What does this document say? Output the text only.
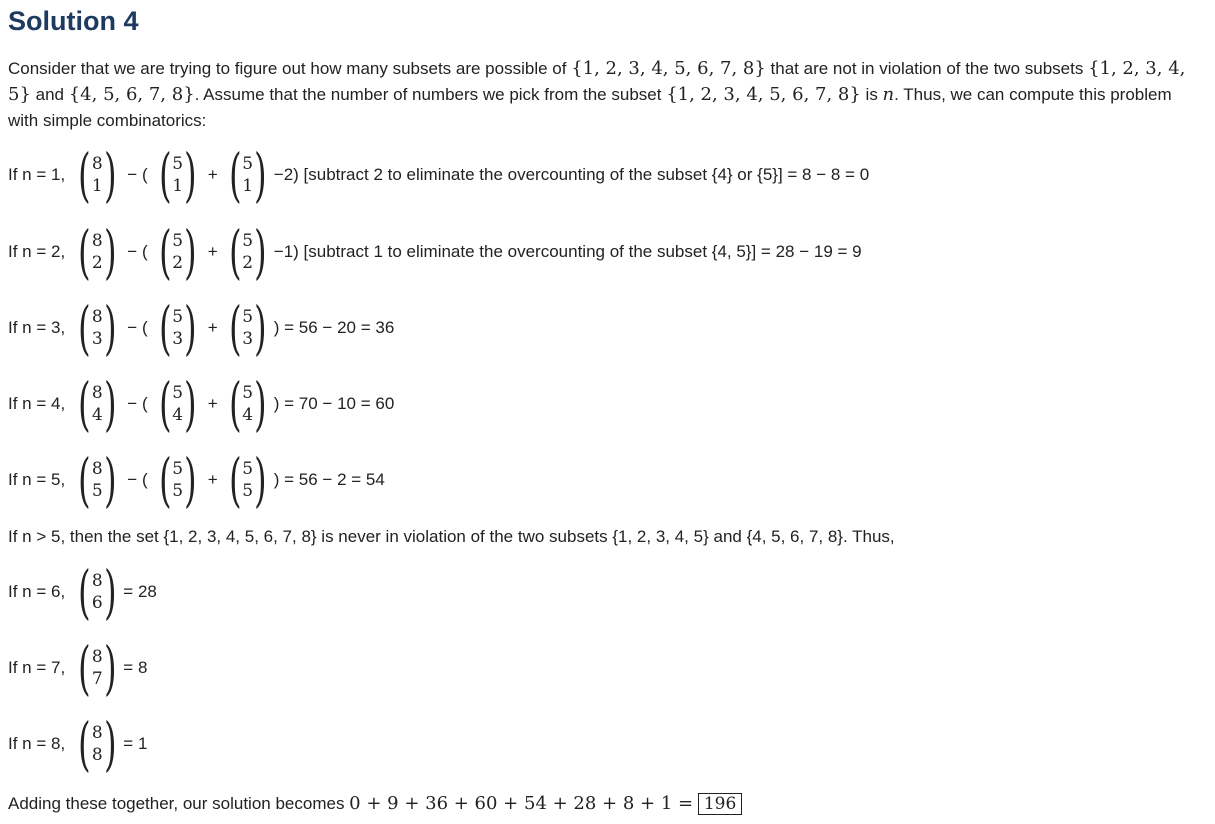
Solution 4
Consider that we are trying to figure out how many subsets are possible of {1, 2, 3, 4, 5, 6, 7, 8} that are not in violation of the two subsets {1, 2, 3, 4, 5} and {4, 5, 6, 7, 8}. Assume that the number of numbers we pick from the subset {1, 2, 3, 4, 5, 6, 7, 8} is n. Thus, we can compute this problem with simple combinatorics:
If n = 1, ( 8
1 ) − ( ( 5
1 ) + ( 5
1 ) −2) [subtract 2 to eliminate the overcounting of the subset {4} or {5}] = 8 − 8 = 0
If n = 2, ( 8
2 ) − ( ( 5
2 ) + ( 5
2 ) −1) [subtract 1 to eliminate the overcounting of the subset {4, 5}] = 28 − 19 = 9
If n = 3, ( 8
3 ) − ( ( 5
3 ) + ( 5
3 ) ) = 56 − 20 = 36
If n = 4, ( 8
4 ) − ( ( 5
4 ) + ( 5
4 ) ) = 70 − 10 = 60
If n = 5, ( 8
5 ) − ( ( 5
5 ) + ( 5
5 ) ) = 56 − 2 = 54
If n > 5, then the set {1, 2, 3, 4, 5, 6, 7, 8} is never in violation of the two subsets {1, 2, 3, 4, 5} and {4, 5, 6, 7, 8}. Thus,
If n = 6, ( 8
6 ) = 28
If n = 7, ( 8
7 ) = 8
If n = 8, ( 8
8 ) = 1
Adding these together, our solution becomes 0 + 9 + 36 + 60 + 54 + 28 + 8 + 1 = 196
